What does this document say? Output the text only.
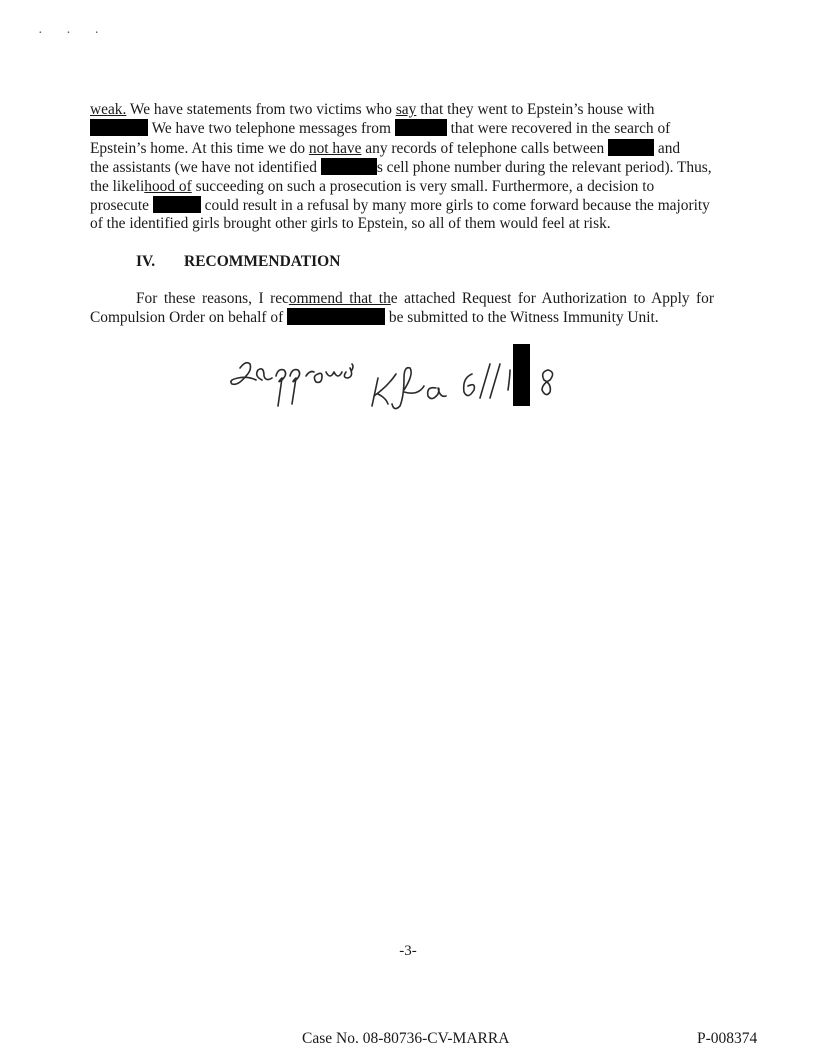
· · ·

weak. We have statements from two victims who say that they went to Epstein’s house with
We have two telephone messages from	that were recovered in the search of
Epstein’s home. At this time we do not have any records of telephone calls between	and
the assistants (we have not identified	s cell phone number during the relevant period). Thus,
the likelihood of succeeding on such a prosecution is very small. Furthermore, a decision to
prosecute	could result in a refusal by many more girls to come forward because the majority
of the identified girls brought other girls to Epstein, so all of them would feel at risk.

IV. RECOMMENDATION

For these reasons, I recommend that the attached Request for Authorization to Apply for Compulsion Order on behalf of	be submitted to the Witness Immunity Unit.

-3-
Case No. 08-80736-CV-MARRA	P-008374
